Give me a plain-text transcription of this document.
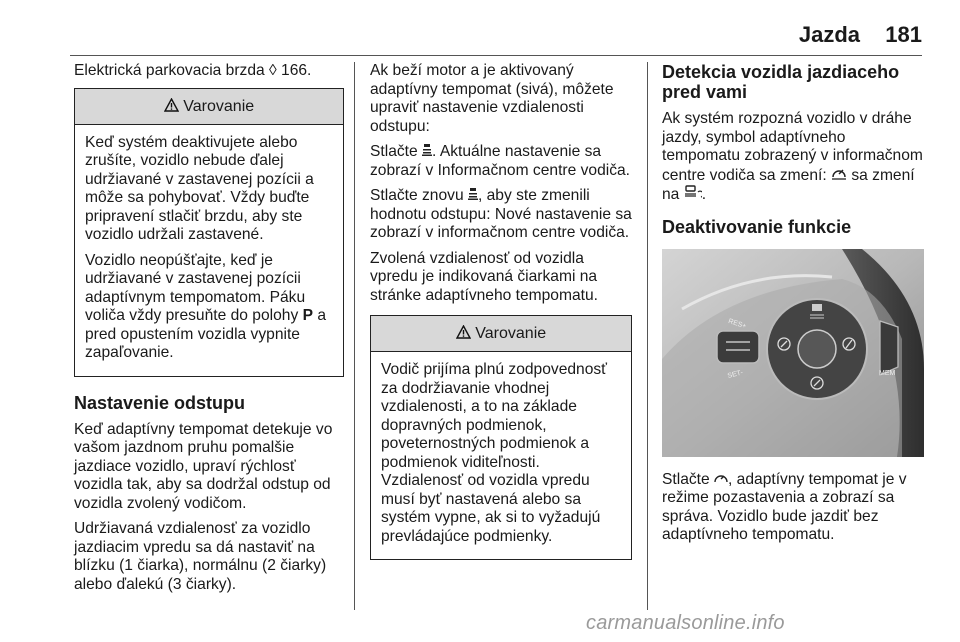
Jazda 181

Elektrická parkovacia brzda ◊ 166.

Varovanie

Keď systém deaktivujete alebo zrušíte, vozidlo nebude ďalej udržiavané v zastavenej pozícii a môže sa pohybovať. Vždy buďte pripravení stlačiť brzdu, aby ste vozidlo udržali zastavené.

Vozidlo neopúšťajte, keď je udržiavané v zastavenej pozícii adaptívnym tempomatom. Páku voliča vždy presuňte do polohy P a pred opustením vozidla vypnite zapaľovanie.

Nastavenie odstupu

Keď adaptívny tempomat detekuje vo vašom jazdnom pruhu pomalšie jazdiace vozidlo, upraví rýchlosť vozidla tak, aby sa dodržal odstup od vozidla zvolený vodičom.

Udržiavaná vzdialenosť za vozidlo jazdiacim vpredu sa dá nastaviť na blízku (1 čiarka), normálnu (2 čiarky) alebo ďalekú (3 čiarky).

Ak beží motor a je aktivovaný adaptívny tempomat (sivá), môžete upraviť nastavenie vzdialenosti odstupu:

Stlačte . Aktuálne nastavenie sa zobrazí v Informačnom centre vodiča.

Stlačte znovu , aby ste zmenili hodnotu odstupu: Nové nastavenie sa zobrazí v informačnom centre vodiča.

Zvolená vzdialenosť od vozidla vpredu je indikovaná čiarkami na stránke adaptívneho tempomatu.

Varovanie

Vodič prijíma plnú zodpovednosť za dodržiavanie vhodnej vzdialenosti, a to na základe dopravných podmienok, poveternostných podmienok a podmienok viditeľnosti.

Vzdialenosť od vozidla vpredu musí byť nastavená alebo sa systém vypne, ak si to vyžadujú prevládajúce podmienky.

Detekcia vozidla jazdiaceho pred vami

Ak systém rozpozná vozidlo v dráhe jazdy, symbol adaptívneho tempomatu zobrazený v informačnom centre vodiča sa zmení:  sa zmení na .

Deaktivovanie funkcie
RES+
SET-	MEM

Stlačte , adaptívny tempomat je v režime pozastavenia a zobrazí sa správa. Vozidlo bude jazdiť bez adaptívneho tempomatu.

carmanualsonline.info
